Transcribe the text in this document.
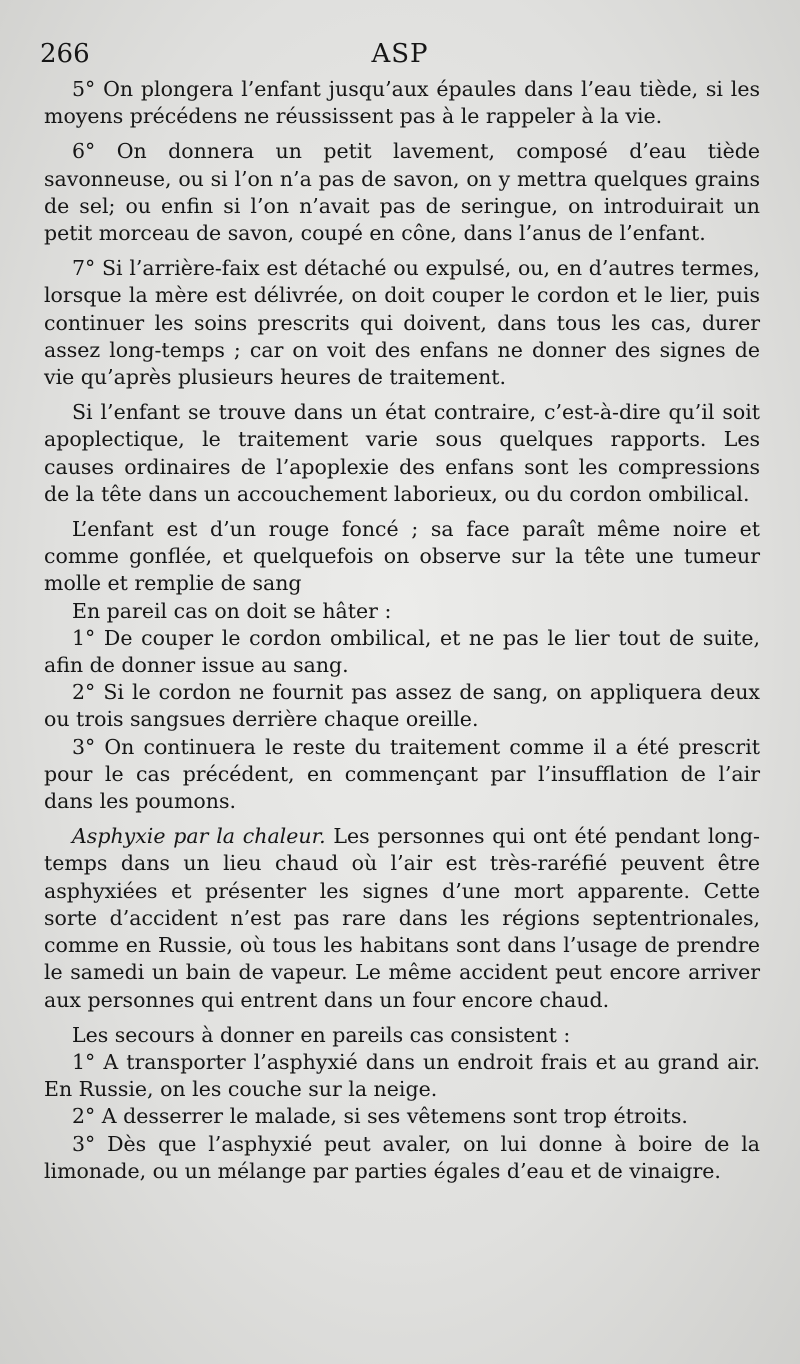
266	ASP

5° On plongera l’enfant jusqu’aux épaules dans l’eau tiède, si les moyens précédens ne réussissent pas à le rappeler à la vie.

6° On donnera un petit lavement, composé d’eau tiède savonneuse, ou si l’on n’a pas de savon, on y mettra quelques grains de sel; ou enfin si l’on n’avait pas de seringue, on introduirait un petit morceau de savon, coupé en cône, dans l’anus de l’enfant.

7° Si l’arrière-faix est détaché ou expulsé, ou, en d’autres termes, lorsque la mère est délivrée, on doit couper le cordon et le lier, puis continuer les soins prescrits qui doivent, dans tous les cas, durer assez long-temps ; car on voit des enfans ne donner des signes de vie qu’après plusieurs heures de traitement.

Si l’enfant se trouve dans un état contraire, c’est-à-dire qu’il soit apoplectique, le traitement varie sous quelques rapports. Les causes ordinaires de l’apoplexie des enfans sont les compressions de la tête dans un accouchement laborieux, ou du cordon ombilical.

L’enfant est d’un rouge foncé ; sa face paraît même noire et comme gonflée, et quelquefois on observe sur la tête une tumeur molle et remplie de sang

En pareil cas on doit se hâter :

1° De couper le cordon ombilical, et ne pas le lier tout de suite, afin de donner issue au sang.

2° Si le cordon ne fournit pas assez de sang, on appliquera deux ou trois sangsues derrière chaque oreille.

3° On continuera le reste du traitement comme il a été prescrit pour le cas précédent, en commençant par l’insufflation de l’air dans les poumons.

Asphyxie par la chaleur. Les personnes qui ont été pendant long-temps dans un lieu chaud où l’air est très-raréfié peuvent être asphyxiées et présenter les signes d’une mort apparente. Cette sorte d’accident n’est pas rare dans les régions septentrionales, comme en Russie, où tous les habitans sont dans l’usage de prendre le samedi un bain de vapeur. Le même accident peut encore arriver aux personnes qui entrent dans un four encore chaud.

Les secours à donner en pareils cas consistent :

1° A transporter l’asphyxié dans un endroit frais et au grand air. En Russie, on les couche sur la neige.

2° A desserrer le malade, si ses vêtemens sont trop étroits.

3° Dès que l’asphyxié peut avaler, on lui donne à boire de la limonade, ou un mélange par parties égales d’eau et de vinaigre.
